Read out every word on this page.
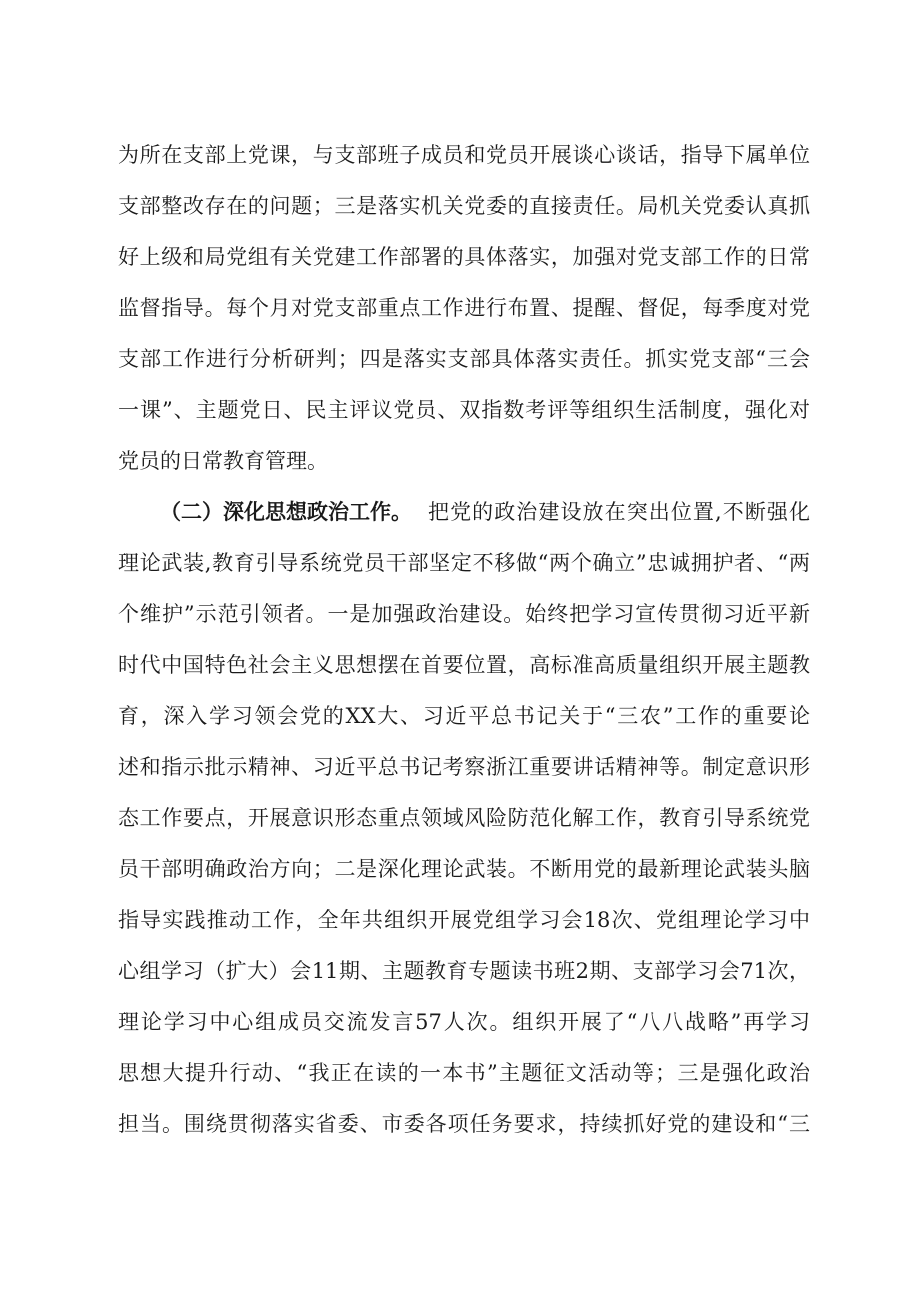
为所在支部上党课，与支部班子成员和党员开展谈心谈话，指导下属单位
支部整改存在的问题；三是落实机关党委的直接责任。局机关党委认真抓
好上级和局党组有关党建工作部署的具体落实，加强对党支部工作的日常
监督指导。每个月对党支部重点工作进行布置、提醒、督促，每季度对党
支部工作进行分析研判；四是落实支部具体落实责任。抓实党支部“三会
一课”、主题党日、民主评议党员、双指数考评等组织生活制度，强化对
党员的日常教育管理。
（二）深化思想政治工作。 把党的政治建设放在突出位置,不断强化
理论武装,教育引导系统党员干部坚定不移做“两个确立”忠诚拥护者、“两
个维护”示范引领者。一是加强政治建设。始终把学习宣传贯彻习近平新
时代中国特色社会主义思想摆在首要位置，高标准高质量组织开展主题教
育，深入学习领会党的XX大、习近平总书记关于“三农”工作的重要论
述和指示批示精神、习近平总书记考察浙江重要讲话精神等。制定意识形
态工作要点，开展意识形态重点领域风险防范化解工作，教育引导系统党
员干部明确政治方向；二是深化理论武装。不断用党的最新理论武装头脑
指导实践推动工作，全年共组织开展党组学习会18次、党组理论学习中
心组学习（扩大）会11期、主题教育专题读书班2期、支部学习会71次，
理论学习中心组成员交流发言57人次。组织开展了“八八战略”再学习
思想大提升行动、“我正在读的一本书”主题征文活动等；三是强化政治
担当。围绕贯彻落实省委、市委各项任务要求，持续抓好党的建设和“三
